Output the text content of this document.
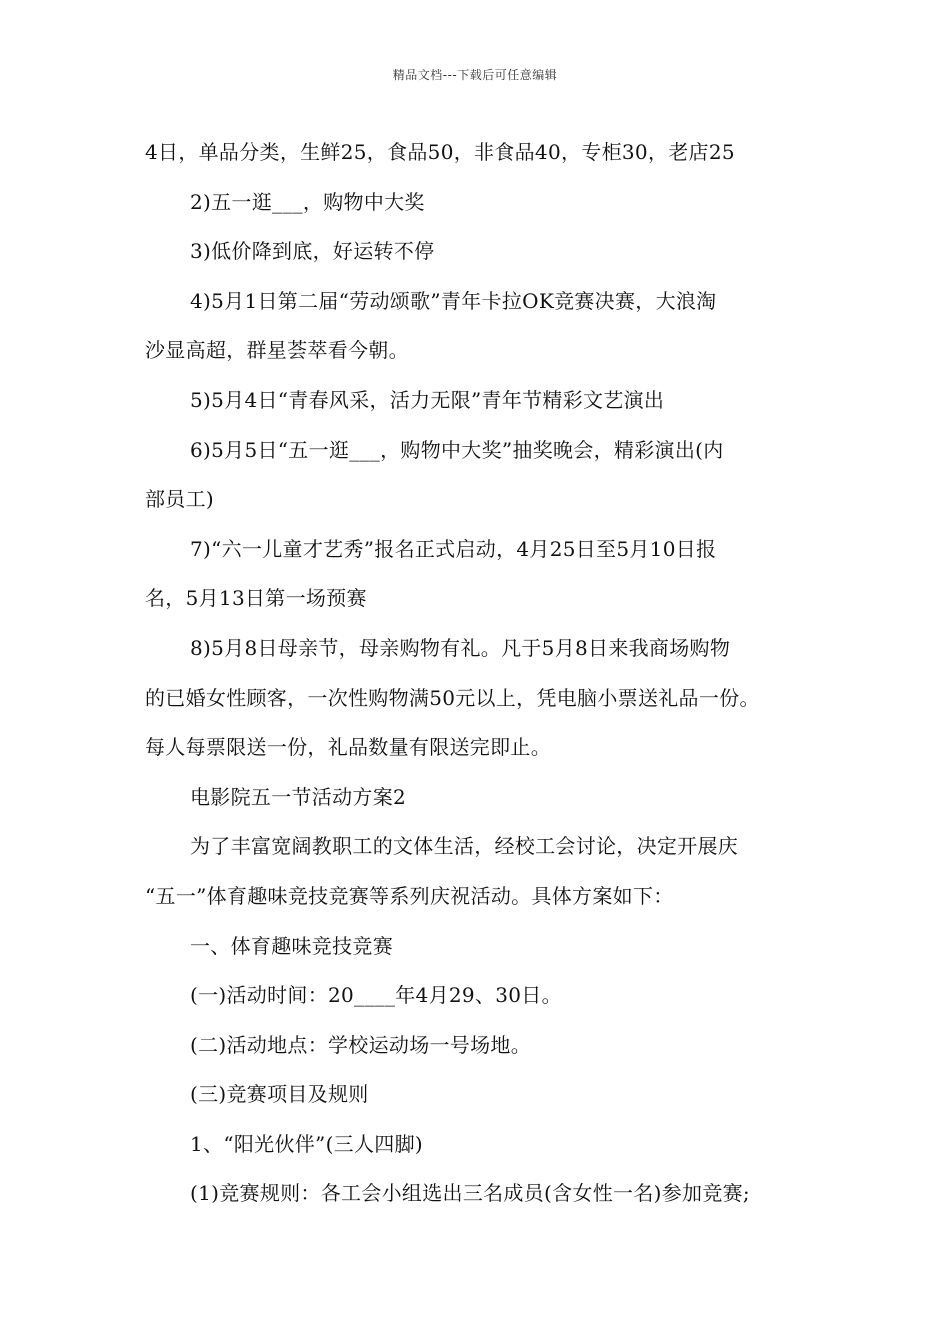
精品文档---下载后可任意编辑
4日，单品分类，生鲜25，食品50，非食品40，专柜30，老店25
2)五一逛___，购物中大奖
3)低价降到底，好运转不停
4)5月1日第二届“劳动颂歌”青年卡拉OK竞赛决赛，大浪淘
沙显高超，群星荟萃看今朝。
5)5月4日“青春风采，活力无限”青年节精彩文艺演出
6)5月5日“五一逛___，购物中大奖”抽奖晚会，精彩演出(内
部员工)
7)“六一儿童才艺秀”报名正式启动，4月25日至5月10日报
名，5月13日第一场预赛
8)5月8日母亲节，母亲购物有礼。凡于5月8日来我商场购物
的已婚女性顾客，一次性购物满50元以上，凭电脑小票送礼品一份。
每人每票限送一份，礼品数量有限送完即止。
电影院五一节活动方案2
为了丰富宽阔教职工的文体生活，经校工会讨论，决定开展庆
“五一”体育趣味竞技竞赛等系列庆祝活动。具体方案如下：
一、体育趣味竞技竞赛
(一)活动时间：20____年4月29、30日。
(二)活动地点：学校运动场一号场地。
(三)竞赛项目及规则
1、“阳光伙伴”(三人四脚)
(1)竞赛规则：各工会小组选出三名成员(含女性一名)参加竞赛;
